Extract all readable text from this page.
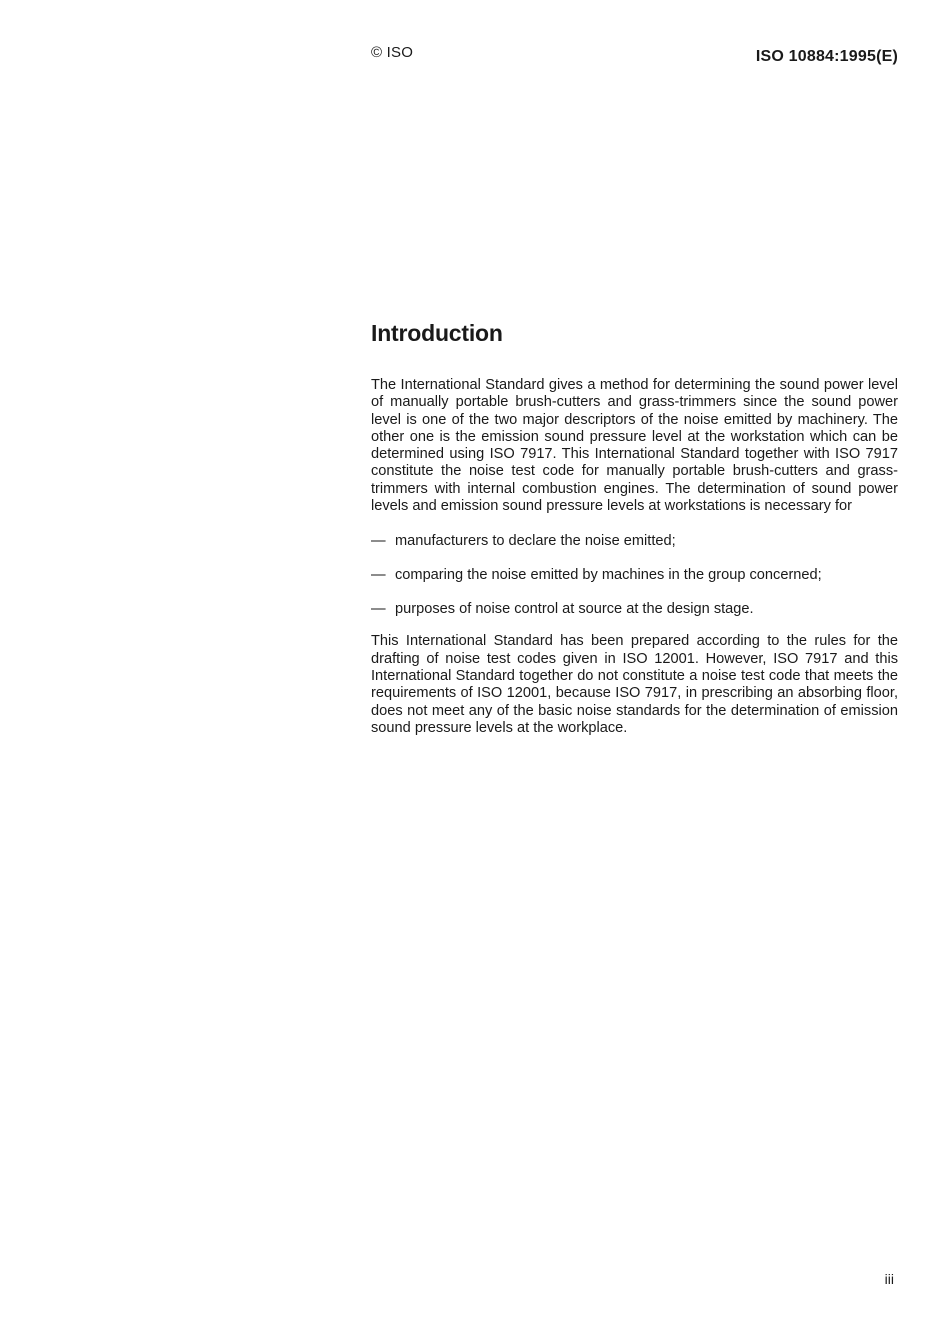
© ISO	ISO 10884:1995(E)
Introduction

The International Standard gives a method for determining the sound power level of manually portable brush-cutters and grass-trimmers since the sound power level is one of the two major descriptors of the noise emitted by machinery. The other one is the emission sound pressure level at the workstation which can be determined using ISO 7917. This International Standard together with ISO 7917 constitute the noise test code for manually portable brush-cutters and grass-trimmers with internal combustion engines. The determination of sound power levels and emission sound pressure levels at workstations is necessary for

— manufacturers to declare the noise emitted;
— comparing the noise emitted by machines in the group concerned;
— purposes of noise control at source at the design stage.

This International Standard has been prepared according to the rules for the drafting of noise test codes given in ISO 12001. However, ISO 7917 and this International Standard together do not constitute a noise test code that meets the requirements of ISO 12001, because ISO 7917, in prescribing an absorbing floor, does not meet any of the basic noise standards for the determination of emission sound pressure levels at the workplace.

iii
